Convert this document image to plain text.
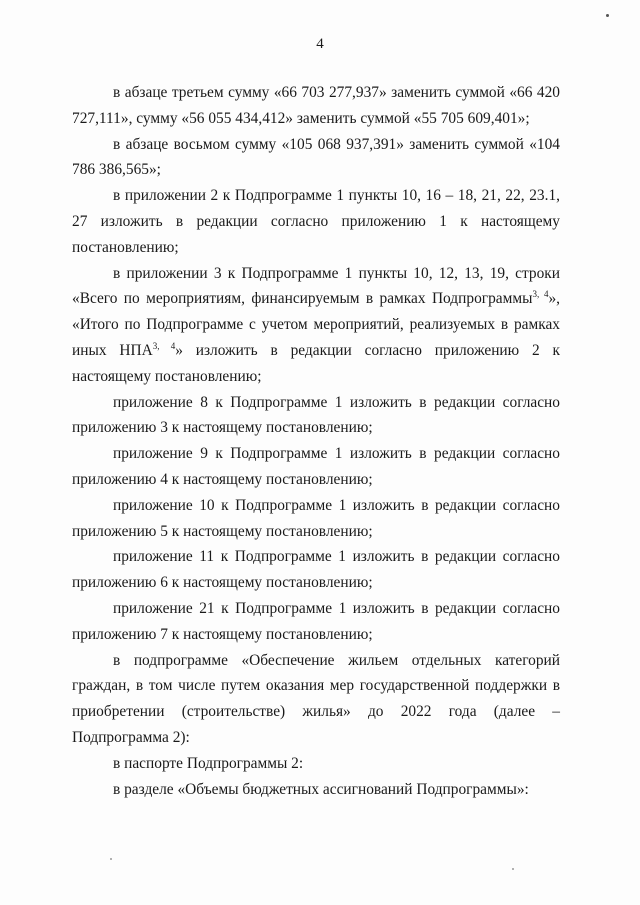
4

в абзаце третьем сумму «66 703 277,937» заменить суммой «66 420 727,111», сумму «56 055 434,412» заменить суммой «55 705 609,401»;

в абзаце восьмом сумму «105 068 937,391» заменить суммой «104 786 386,565»;

в приложении 2 к Подпрограмме 1 пункты 10, 16 – 18, 21, 22, 23.1, 27 изложить в редакции согласно приложению 1 к настоящему постановлению;

в приложении 3 к Подпрограмме 1 пункты 10, 12, 13, 19, строки «Всего по мероприятиям, финансируемым в рамках Подпрограммы$^{3, 4}$», «Итого по Подпрограмме с учетом мероприятий, реализуемых в рамках иных НПА$^{3, 4}$» изложить в редакции согласно приложению 2 к настоящему постановлению;

приложение 8 к Подпрограмме 1 изложить в редакции согласно приложению 3 к настоящему постановлению;

приложение 9 к Подпрограмме 1 изложить в редакции согласно приложению 4 к настоящему постановлению;

приложение 10 к Подпрограмме 1 изложить в редакции согласно приложению 5 к настоящему постановлению;

приложение 11 к Подпрограмме 1 изложить в редакции согласно приложению 6 к настоящему постановлению;

приложение 21 к Подпрограмме 1 изложить в редакции согласно приложению 7 к настоящему постановлению;

в подпрограмме «Обеспечение жильем отдельных категорий граждан, в том числе путем оказания мер государственной поддержки в приобретении (строительстве) жилья» до 2022 года (далее – Подпрограмма 2):

в паспорте Подпрограммы 2:

в разделе «Объемы бюджетных ассигнований Подпрограммы»:
